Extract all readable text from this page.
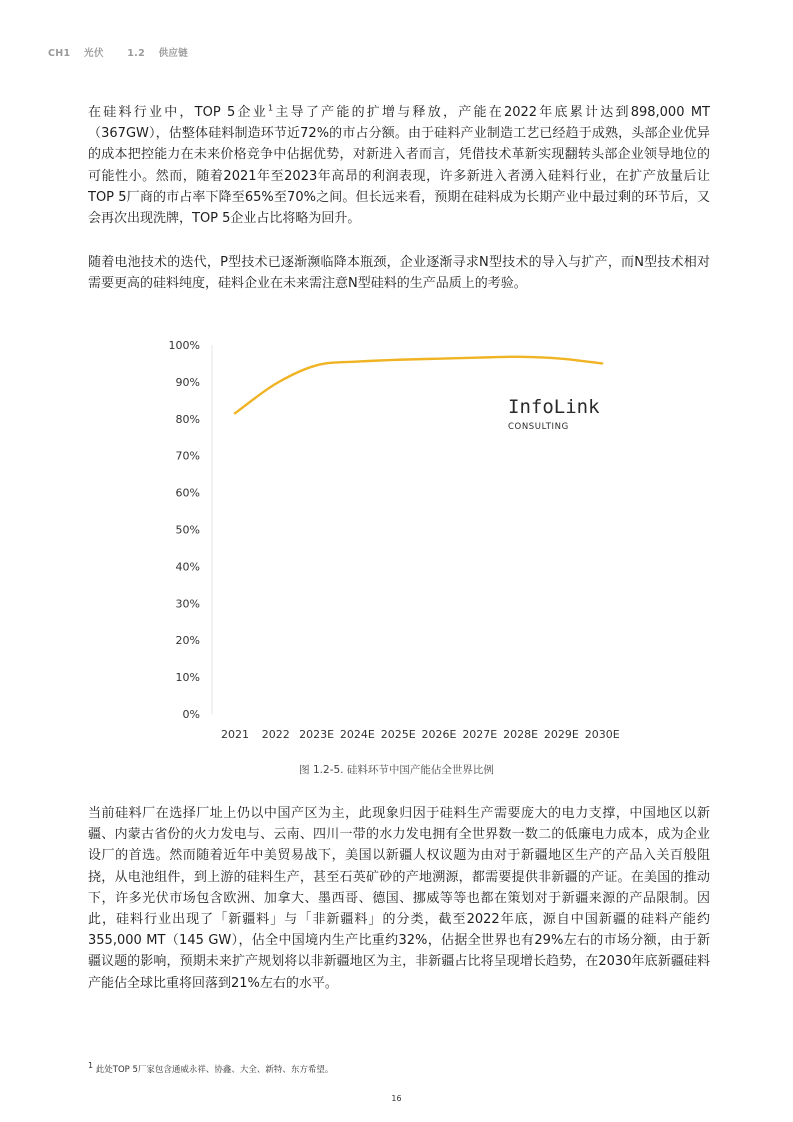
CH1 光伏 1.2 供应链

在硅料行业中，TOP 5企业$^1$主导了产能的扩增与释放，产能在2022年底累计达到898,000 MT（367GW），估整体硅料制造环节近72%的市占分额。由于硅料产业制造工艺已经趋于成熟，头部企业优异的成本把控能力在未来价格竞争中佔据优势，对新进入者而言，凭借技术革新实现翻转头部企业领导地位的可能性小。然而，随着2021年至2023年高昂的利润表现，许多新进入者湧入硅料行业，在扩产放量后让TOP 5厂商的市占率下降至65%至70%之间。但长远来看，预期在硅料成为长期产业中最过剩的环节后，又会再次出现洗牌，TOP 5企业占比将略为回升。

随着电池技术的迭代，P型技术已逐渐濒临降本瓶颈，企业逐渐寻求N型技术的导入与扩产，而N型技术相对需要更高的硅料纯度，硅料企业在未来需注意N型硅料的生产品质上的考验。

0%
10%
20%
30%
40%
50%
60%
70%
80%
90%
100%
2021 2022 2023E 2024E 2025E 2026E 2027E 2028E 2029E 2030E
InfoLink
CONSULTING
图 1.2-5. 硅料环节中国产能佔全世界比例

当前硅料厂在选择厂址上仍以中国产区为主，此现象归因于硅料生产需要庞大的电力支撑，中国地区以新疆、内蒙古省份的火力发电与、云南、四川一带的水力发电拥有全世界数一数二的低廉电力成本，成为企业设厂的首选。然而随着近年中美贸易战下，美国以新疆人权议题为由对于新疆地区生产的产品入关百般阻挠，从电池组件，到上游的硅料生产，甚至石英矿砂的产地溯源，都需要提供非新疆的产证。在美国的推动下，许多光伏市场包含欧洲、加拿大、墨西哥、德国、挪威等等也都在策划对于新疆来源的产品限制。因此，硅料行业出现了「新疆料」与「非新疆料」的分类，截至2022年底，源自中国新疆的硅料产能约355,000 MT（145 GW），佔全中国境内生产比重约32%，佔据全世界也有29%左右的市场分额，由于新疆议题的影响，预期未来扩产规划将以非新疆地区为主，非新疆占比将呈现增长趋势，在2030年底新疆硅料产能佔全球比重将回落到21%左右的水平。

$^1$ 此处TOP 5厂家包含通威永祥、协鑫、大全、新特、东方希望。
16
